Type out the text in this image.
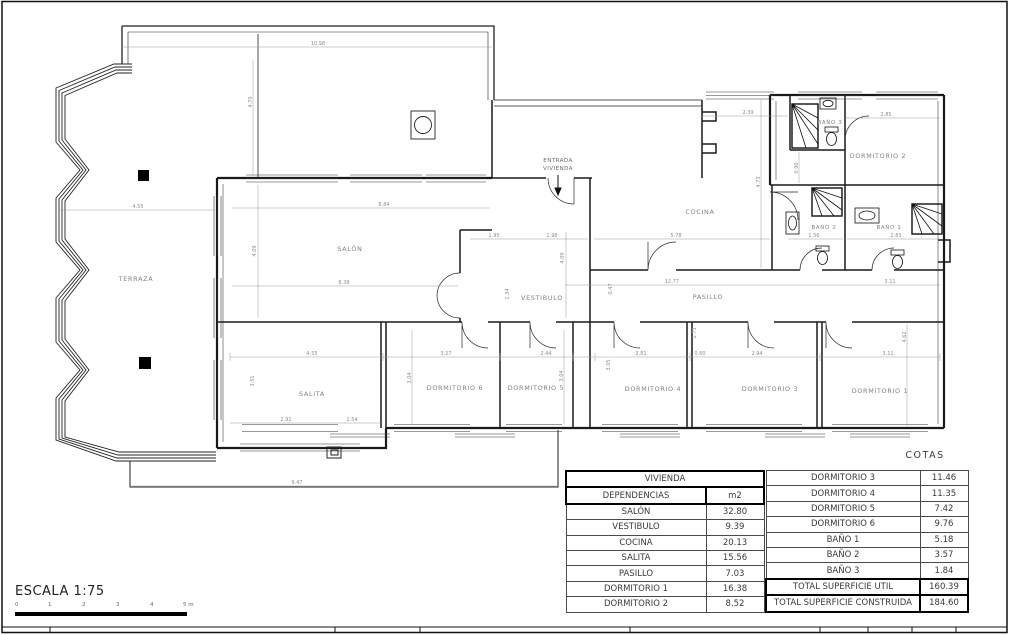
TERRAZA
SALÓN
SALITA
VESTIBULO
COCINA
PASILLO
DORMITORIO 1
DORMITORIO 2
DORMITORIO 3
DORMITORIO 4
DORMITORIO 5
DORMITORIO 6
BAÑO 1
BAÑO 2
BAÑO 3
ENTRADA
VIVIENDA
COTAS
10.98
4.55	8.84
1.95	1.98	5.78
2.39	2.85
1.56	2.83
8.38	12.77	3.11
4.55	3.27	2.44	2.81	0.60	2.94	3.11
2.91	1.54
9.47
4.70
4.73
4.09
4.09
0.90
1.34	0.47
3.51	3.04	3.04
3.05
4.62
1.73
VIVIENDA	
DEPENDENCIAS	m2
SALÓN	32.80
VESTIBULO	9.39
COCINA	20.13
SALITA	15.56
PASILLO	7.03
DORMITORIO 1	16.38
DORMITORIO 2	8.52
DORMITORIO 3	11.46
DORMITORIO 4	11.35
DORMITORIO 5	7.42
DORMITORIO 6	9.76
BAÑO 1	5.18
BAÑO 2	3.57
BAÑO 3	1.84
TOTAL SUPERFICIE UTIL	160.39
TOTAL SUPERFICIE CONSTRUIDA	184.60
ESCALA 1:75
0	1	2	3	4	5 m
